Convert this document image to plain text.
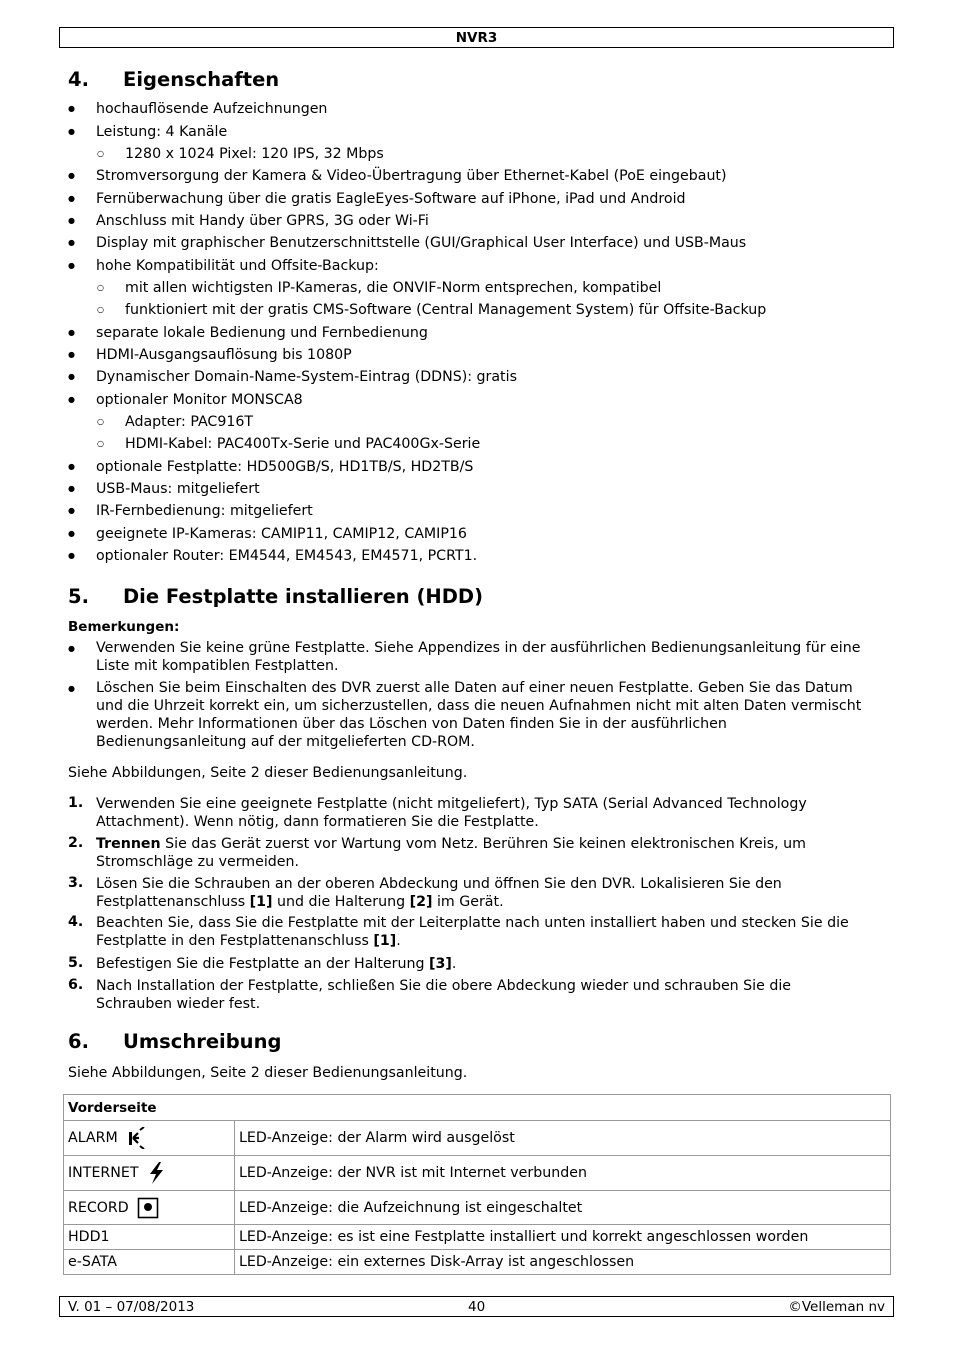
NVR3
4. Eigenschaften
● hochauflösende Aufzeichnungen
● Leistung: 4 Kanäle
○ 1280 x 1024 Pixel: 120 IPS, 32 Mbps
● Stromversorgung der Kamera & Video-Übertragung über Ethernet-Kabel (PoE eingebaut)
● Fernüberwachung über die gratis EagleEyes-Software auf iPhone, iPad und Android
● Anschluss mit Handy über GPRS, 3G oder Wi-Fi
● Display mit graphischer Benutzerschnittstelle (GUI/Graphical User Interface) und USB-Maus
● hohe Kompatibilität und Offsite-Backup:
○ mit allen wichtigsten IP-Kameras, die ONVIF-Norm entsprechen, kompatibel
○ funktioniert mit der gratis CMS-Software (Central Management System) für Offsite-Backup
● separate lokale Bedienung und Fernbedienung
● HDMI-Ausgangsauflösung bis 1080P
● Dynamischer Domain-Name-System-Eintrag (DDNS): gratis
● optionaler Monitor MONSCA8
○ Adapter: PAC916T
○ HDMI-Kabel: PAC400Tx-Serie und PAC400Gx-Serie
● optionale Festplatte: HD500GB/S, HD1TB/S, HD2TB/S
● USB-Maus: mitgeliefert
● IR-Fernbedienung: mitgeliefert
● geeignete IP-Kameras: CAMIP11, CAMIP12, CAMIP16
● optionaler Router: EM4544, EM4543, EM4571, PCRT1.
5. Die Festplatte installieren (HDD)
Bemerkungen:
● Verwenden Sie keine grüne Festplatte. Siehe Appendizes in der ausführlichen Bedienungsanleitung für eine
Liste mit kompatiblen Festplatten.
● Löschen Sie beim Einschalten des DVR zuerst alle Daten auf einer neuen Festplatte. Geben Sie das Datum
und die Uhrzeit korrekt ein, um sicherzustellen, dass die neuen Aufnahmen nicht mit alten Daten vermischt
werden. Mehr Informationen über das Löschen von Daten finden Sie in der ausführlichen
Bedienungsanleitung auf der mitgelieferten CD-ROM.
Siehe Abbildungen, Seite 2 dieser Bedienungsanleitung.
1. Verwenden Sie eine geeignete Festplatte (nicht mitgeliefert), Typ SATA (Serial Advanced Technology
Attachment). Wenn nötig, dann formatieren Sie die Festplatte.
2. Trennen Sie das Gerät zuerst vor Wartung vom Netz. Berühren Sie keinen elektronischen Kreis, um
Stromschläge zu vermeiden.
3. Lösen Sie die Schrauben an der oberen Abdeckung und öffnen Sie den DVR. Lokalisieren Sie den
Festplattenanschluss [1] und die Halterung [2] im Gerät.
4. Beachten Sie, dass Sie die Festplatte mit der Leiterplatte nach unten installiert haben und stecken Sie die
Festplatte in den Festplattenanschluss [1].
5. Befestigen Sie die Festplatte an der Halterung [3].
6. Nach Installation der Festplatte, schließen Sie die obere Abdeckung wieder und schrauben Sie die
Schrauben wieder fest.
6. Umschreibung
Siehe Abbildungen, Seite 2 dieser Bedienungsanleitung.
Vorderseite	
ALARM	LED-Anzeige: der Alarm wird ausgelöst
INTERNET	LED-Anzeige: der NVR ist mit Internet verbunden
RECORD	LED-Anzeige: die Aufzeichnung ist eingeschaltet
HDD1	LED-Anzeige: es ist eine Festplatte installiert und korrekt angeschlossen worden
e-SATA	LED-Anzeige: ein externes Disk-Array ist angeschlossen
V. 01 – 07/08/2013	40	©Velleman nv
